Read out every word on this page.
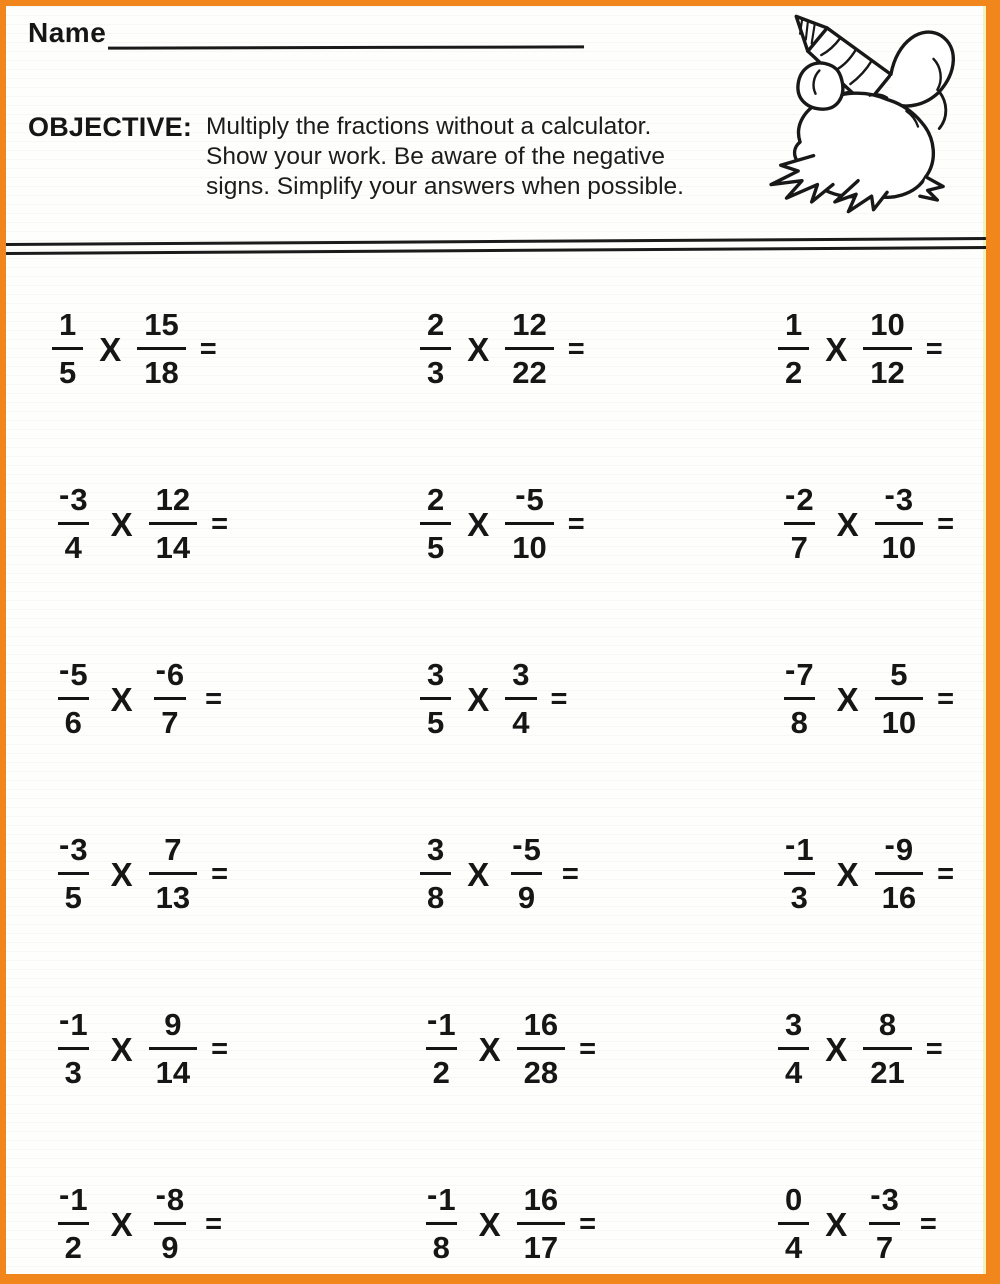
Name
OBJECTIVE: Multiply the fractions without a calculator.
Show your work. Be aware of the negative
signs. Simplify your answers when possible.
$\frac{1}{5}$ X $\frac{15}{18}$ =	$\frac{2}{3}$ X $\frac{12}{22}$ =	$\frac{1}{2}$ X $\frac{10}{12}$ =
$\frac{-3}{4}$ X $\frac{12}{14}$ =	$\frac{2}{5}$ X $\frac{-5}{10}$ =	$\frac{-2}{7}$ X $\frac{-3}{10}$ =
$\frac{-5}{6}$ X $\frac{-6}{7}$ =	$\frac{3}{5}$ X $\frac{3}{4}$ =	$\frac{-7}{8}$ X $\frac{5}{10}$ =
$\frac{-3}{5}$ X $\frac{7}{13}$ =	$\frac{3}{8}$ X $\frac{-5}{9}$ =	$\frac{-1}{3}$ X $\frac{-9}{16}$ =
$\frac{-1}{3}$ X $\frac{9}{14}$ =	$\frac{-1}{2}$ X $\frac{16}{28}$ =	$\frac{3}{4}$ X $\frac{8}{21}$ =
$\frac{-1}{2}$ X $\frac{-8}{9}$ =	$\frac{-1}{8}$ X $\frac{16}{17}$ =	$\frac{0}{4}$ X $\frac{-3}{7}$ =
